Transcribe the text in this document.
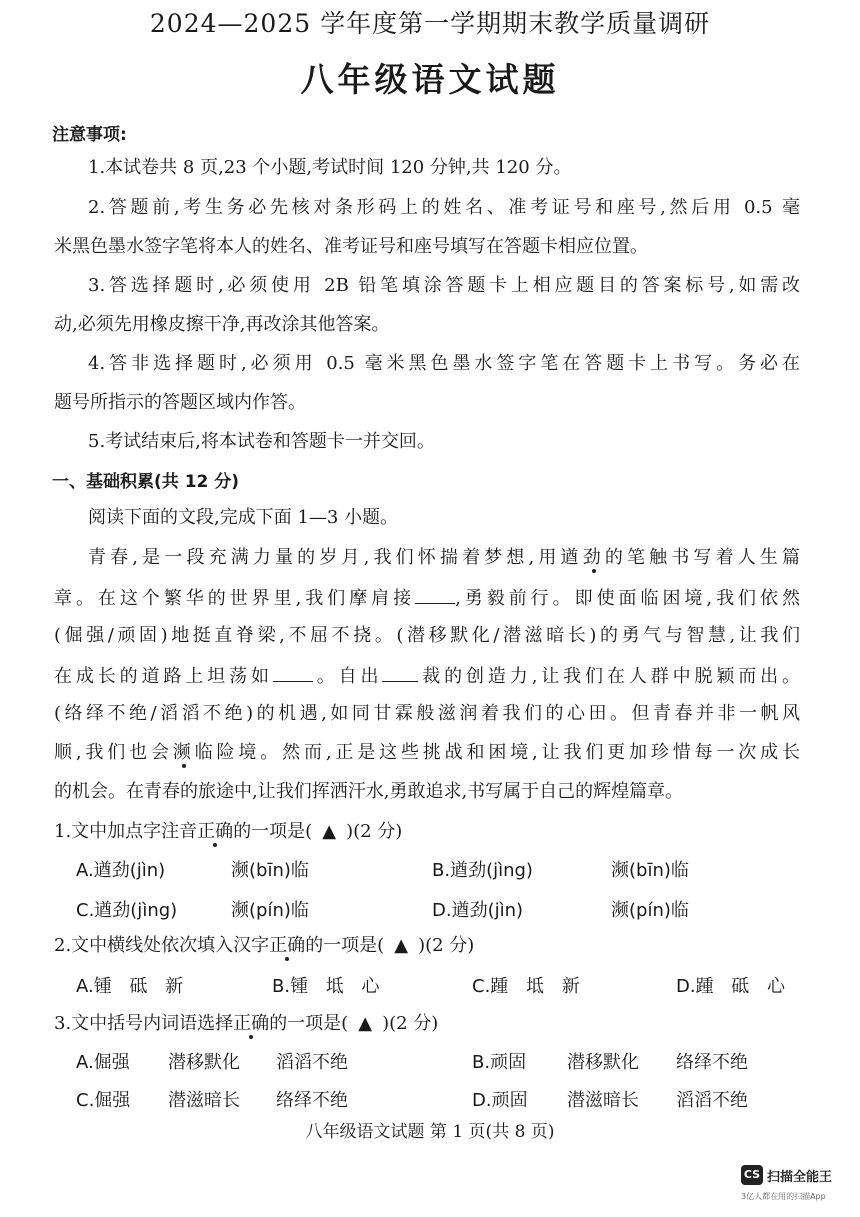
2024—2025 学年度第一学期期末教学质量调研
八年级语文试题
注意事项:
1.本试卷共 8 页,23 个小题,考试时间 120 分钟,共 120 分。
2.答题前,考生务必先核对条形码上的姓名、准考证号和座号,然后用 0.5 毫
米黑色墨水签字笔将本人的姓名、准考证号和座号填写在答题卡相应位置。
3.答选择题时,必须使用 2B 铅笔填涂答题卡上相应题目的答案标号,如需改
动,必须先用橡皮擦干净,再改涂其他答案。
4.答非选择题时,必须用 0.5 毫米黑色墨水签字笔在答题卡上书写。务必在
题号所指示的答题区域内作答。
5.考试结束后,将本试卷和答题卡一并交回。
一、基础积累(共 12 分)
阅读下面的文段,完成下面 1—3 小题。
青春,是一段充满力量的岁月,我们怀揣着梦想,用遒劲的笔触书写着人生篇
章。在这个繁华的世界里,我们摩肩接 ,勇毅前行。即使面临困境,我们依然
(倔强/顽固)地挺直脊梁,不屈不挠。(潜移默化/潜滋暗长)的勇气与智慧,让我们
在成长的道路上坦荡如 。自出 裁的创造力,让我们在人群中脱颖而出。
(络绎不绝/滔滔不绝)的机遇,如同甘霖般滋润着我们的心田。但青春并非一帆风
顺,我们也会濒临险境。然而,正是这些挑战和困境,让我们更加珍惜每一次成长
的机会。在青春的旅途中,让我们挥洒汗水,勇敢追求,书写属于自己的辉煌篇章。
1.文中加点字注音正确的一项是( ▲ )(2 分)
A.遒劲(jìn)	濒(bīn)临	B.遒劲(jìng)	濒(bīn)临
C.遒劲(jìng)	濒(pín)临	D.遒劲(jìn)	濒(pín)临
2.文中横线处依次填入汉字正确的一项是( ▲ )(2 分)
A.锺 砥 新	B.锺 坻 心	C.踵 坻 新	D.踵 砥 心
3.文中括号内词语选择正确的一项是( ▲ )(2 分)
A.倔强 潜移默化 滔滔不绝	B.顽固 潜移默化 络绎不绝
C.倔强 潜滋暗长 络绎不绝	D.顽固 潜滋暗长 滔滔不绝
八年级语文试题 第 1 页(共 8 页)
CS 扫描全能王
3亿人都在用的扫描App
